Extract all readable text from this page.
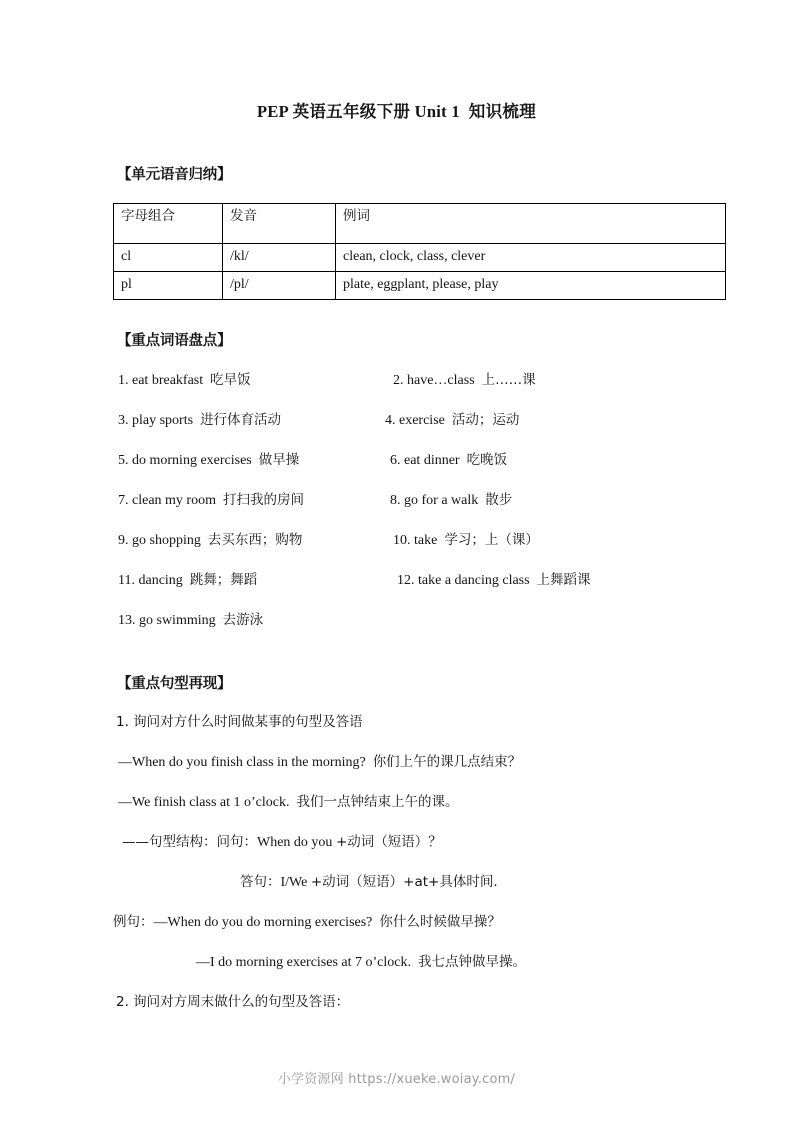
PEP 英语五年级下册 Unit 1  知识梳理
【单元语音归纳】
字母组合	发音	例词
cl	/kl/	clean, clock, class, clever
pl	/pl/	plate, eggplant, please, play
【重点词语盘点】
1. eat breakfast  吃早饭	2. have…class  上……课
3. play sports  进行体育活动	4. exercise  活动；运动
5. do morning exercises  做早操	6. eat dinner  吃晚饭
7. clean my room  打扫我的房间	8. go for a walk  散步
9. go shopping  去买东西；购物	10. take  学习；上（课）
11. dancing  跳舞；舞蹈	12. take a dancing class  上舞蹈课
13. go swimming  去游泳
【重点句型再现】
1. 询问对方什么时间做某事的句型及答语
—When do you finish class in the morning?  你们上午的课几点结束？
—We finish class at 1 o’clock.  我们一点钟结束上午的课。
——句型结构：问句：When do you +动词（短语）？
答句：I/We +动词（短语）+at+具体时间.
例句：—When do you do morning exercises?  你什么时候做早操？
—I do morning exercises at 7 o’clock.  我七点钟做早操。
2. 询问对方周末做什么的句型及答语：
小学资源网 https://xueke.woiay.com/
